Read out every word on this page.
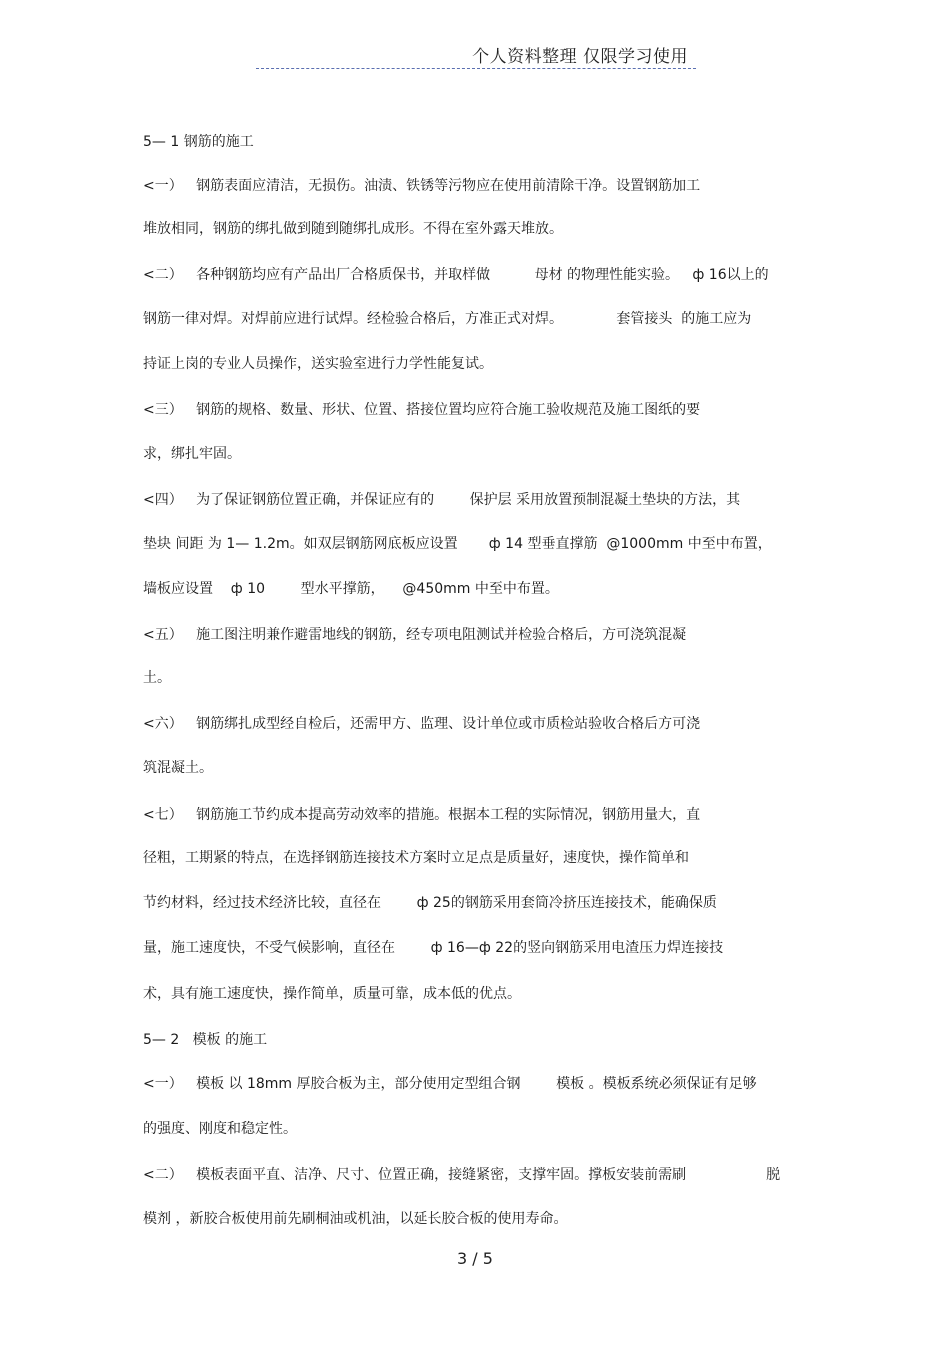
个人资料整理 仅限学习使用
5— 1 钢筋的施工
<一）   钢筋表面应清洁，无损伤。油渍、铁锈等污物应在使用前清除干净。设置钢筋加工
堆放相同，钢筋的绑扎做到随到随绑扎成形。不得在室外露天堆放。
<二）   各种钢筋均应有产品出厂合格质保书，并取样做          母材 的物理性能实验。   ф 16以上的
钢筋一律对焊。对焊前应进行试焊。经检验合格后，方准正式对焊。            套管接头  的施工应为
持证上岗的专业人员操作，送实验室进行力学性能复试。
<三）   钢筋的规格、数量、形状、位置、搭接位置均应符合施工验收规范及施工图纸的要
求，绑扎牢固。
<四）   为了保证钢筋位置正确，并保证应有的        保护层 采用放置预制混凝土垫块的方法，其
垫块 间距 为 1— 1.2m。如双层钢筋网底板应设置       ф 14 型垂直撑筋  @1000mm 中至中布置，
墙板应设置    ф 10        型水平撑筋，    @450mm 中至中布置。
<五）   施工图注明兼作避雷地线的钢筋，经专项电阻测试并检验合格后，方可浇筑混凝
土。
<六）   钢筋绑扎成型经自检后，还需甲方、监理、设计单位或市质检站验收合格后方可浇
筑混凝土。
<七）   钢筋施工节约成本提高劳动效率的措施。根据本工程的实际情况，钢筋用量大，直
径粗，工期紧的特点，在选择钢筋连接技术方案时立足点是质量好，速度快，操作简单和
节约材料，经过技术经济比较，直径在        ф 25的钢筋采用套筒冷挤压连接技术，能确保质
量，施工速度快，不受气候影响，直径在        ф 16—ф 22的竖向钢筋采用电渣压力焊连接技
术，具有施工速度快，操作简单，质量可靠，成本低的优点。
5— 2   模板 的施工
<一）   模板 以 18mm 厚胶合板为主，部分使用定型组合钢        模板 。模板系统必须保证有足够
的强度、刚度和稳定性。
<二）   模板表面平直、洁净、尺寸、位置正确，接缝紧密，支撑牢固。撑板安装前需刷                  脱
模剂 ，新胶合板使用前先刷桐油或机油，以延长胶合板的使用寿命。
3 / 5
